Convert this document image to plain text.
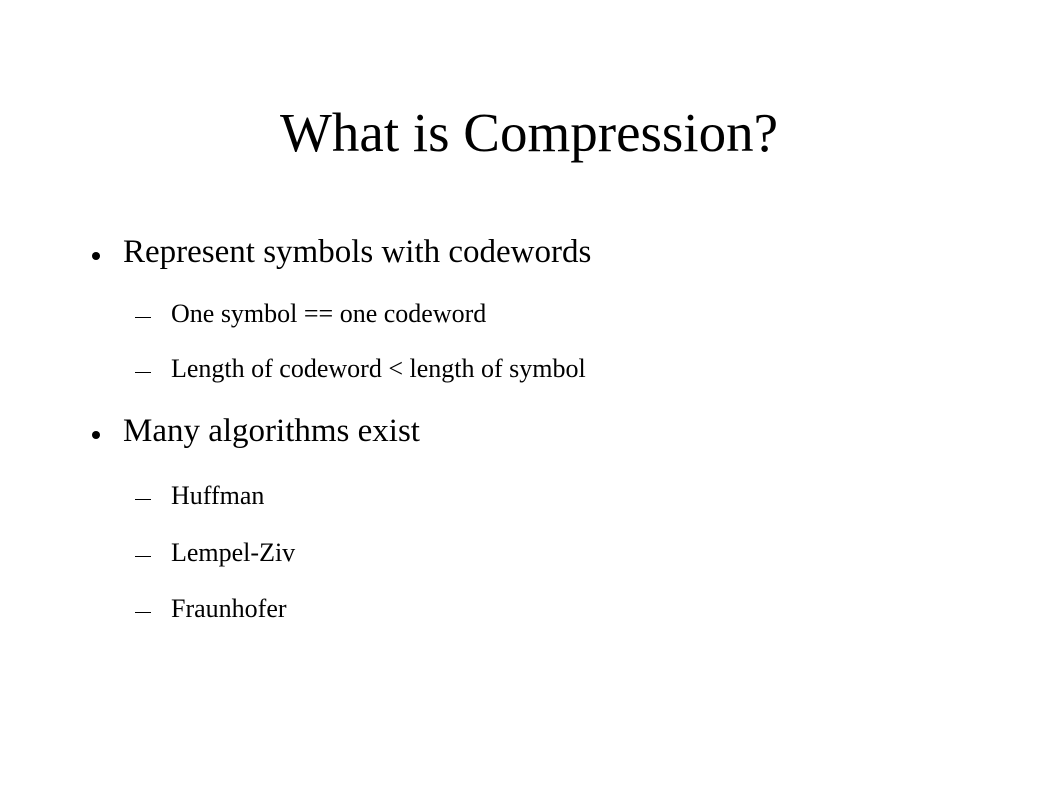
What is Compression?
Represent symbols with codewords
One symbol == one codeword
Length of codeword < length of symbol
Many algorithms exist
Huffman
Lempel-Ziv
Fraunhofer
